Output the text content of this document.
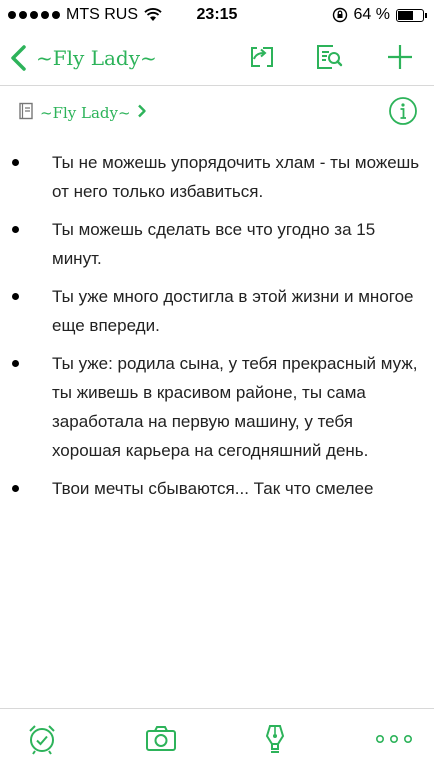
MTS RUS	23:15	64 %
~Fly Lady~
~Fly Lady~
Ты не можешь упорядочить хлам - ты можешь от него только избавиться.
Ты можешь сделать все что угодно за 15 минут.
Ты уже много достигла в этой жизни и многое еще впереди.
Ты уже: родила сына, у тебя прекрасный муж, ты живешь в красивом районе, ты сама заработала на первую машину, у тебя хорошая карьера на сегодняшний день.
Твои мечты сбываются... Так что смелее
